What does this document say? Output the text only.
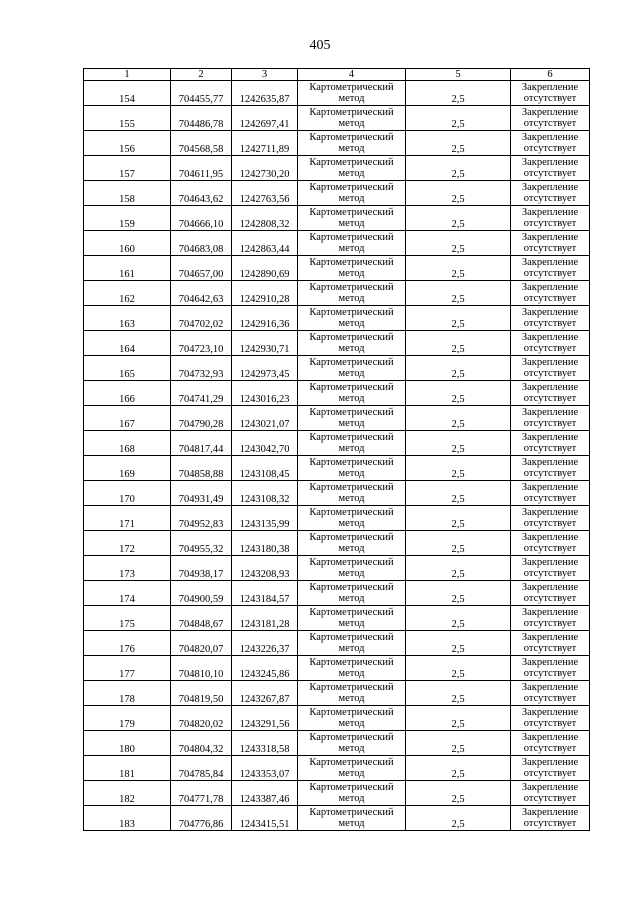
405
1	2	3	4	5	6
154	704455,77	1242635,87	Картометрический метод	2,5	Закрепление отсутствует
155	704486,78	1242697,41	Картометрический метод	2,5	Закрепление отсутствует
156	704568,58	1242711,89	Картометрический метод	2,5	Закрепление отсутствует
157	704611,95	1242730,20	Картометрический метод	2,5	Закрепление отсутствует
158	704643,62	1242763,56	Картометрический метод	2,5	Закрепление отсутствует
159	704666,10	1242808,32	Картометрический метод	2,5	Закрепление отсутствует
160	704683,08	1242863,44	Картометрический метод	2,5	Закрепление отсутствует
161	704657,00	1242890,69	Картометрический метод	2,5	Закрепление отсутствует
162	704642,63	1242910,28	Картометрический метод	2,5	Закрепление отсутствует
163	704702,02	1242916,36	Картометрический метод	2,5	Закрепление отсутствует
164	704723,10	1242930,71	Картометрический метод	2,5	Закрепление отсутствует
165	704732,93	1242973,45	Картометрический метод	2,5	Закрепление отсутствует
166	704741,29	1243016,23	Картометрический метод	2,5	Закрепление отсутствует
167	704790,28	1243021,07	Картометрический метод	2,5	Закрепление отсутствует
168	704817,44	1243042,70	Картометрический метод	2,5	Закрепление отсутствует
169	704858,88	1243108,45	Картометрический метод	2,5	Закрепление отсутствует
170	704931,49	1243108,32	Картометрический метод	2,5	Закрепление отсутствует
171	704952,83	1243135,99	Картометрический метод	2,5	Закрепление отсутствует
172	704955,32	1243180,38	Картометрический метод	2,5	Закрепление отсутствует
173	704938,17	1243208,93	Картометрический метод	2,5	Закрепление отсутствует
174	704900,59	1243184,57	Картометрический метод	2,5	Закрепление отсутствует
175	704848,67	1243181,28	Картометрический метод	2,5	Закрепление отсутствует
176	704820,07	1243226,37	Картометрический метод	2,5	Закрепление отсутствует
177	704810,10	1243245,86	Картометрический метод	2,5	Закрепление отсутствует
178	704819,50	1243267,87	Картометрический метод	2,5	Закрепление отсутствует
179	704820,02	1243291,56	Картометрический метод	2,5	Закрепление отсутствует
180	704804,32	1243318,58	Картометрический метод	2,5	Закрепление отсутствует
181	704785,84	1243353,07	Картометрический метод	2,5	Закрепление отсутствует
182	704771,78	1243387,46	Картометрический метод	2,5	Закрепление отсутствует
183	704776,86	1243415,51	Картометрический метод	2,5	Закрепление отсутствует
